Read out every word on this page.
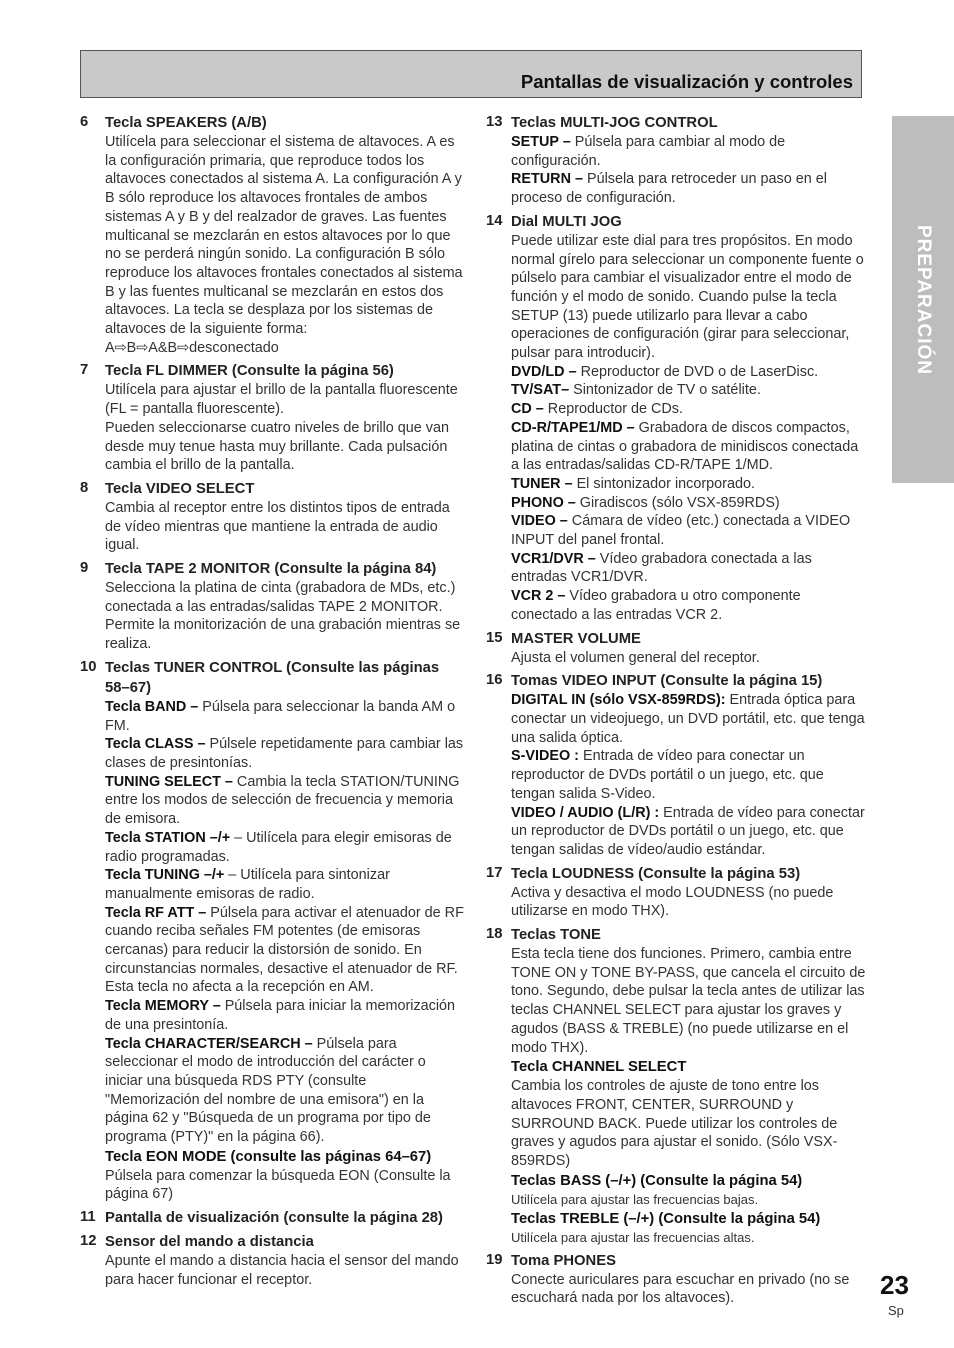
Pantallas de visualización y controles
PREPARACIÓN
6 Tecla SPEAKERS (A/B)

Utilícela para seleccionar el sistema de altavoces. A es la configuración primaria, que reproduce todos los altavoces conectados al sistema A. La configuración A y B sólo reproduce los altavoces frontales de ambos sistemas A y B y del realzador de graves. Las fuentes multicanal se mezclarán en estos altavoces por lo que no se perderá ningún sonido. La configuración B sólo reproduce los altavoces frontales conectados al sistema B y las fuentes multicanal se mezclarán en estos dos altavoces. La tecla se desplaza por los sistemas de altavoces de la siguiente forma:

A⇨B⇨A&B⇨desconectado

7 Tecla FL DIMMER (Consulte la página 56)

Utilícela para ajustar el brillo de la pantalla fluorescente (FL = pantalla fluorescente).

Pueden seleccionarse cuatro niveles de brillo que van desde muy tenue hasta muy brillante. Cada pulsación cambia el brillo de la pantalla.

8 Tecla VIDEO SELECT
Cambia al receptor entre los distintos tipos de entrada de vídeo mientras que mantiene la entrada de audio igual.
9 Tecla TAPE 2 MONITOR (Consulte la página 84)
Selecciona la platina de cinta (grabadora de MDs, etc.) conectada a las entradas/salidas TAPE 2 MONITOR. Permite la monitorización de una grabación mientras se realiza.
10 Teclas TUNER CONTROL (Consulte las páginas 58–67)

Tecla BAND – Púlsela para seleccionar la banda AM o FM.

Tecla CLASS – Púlsele repetidamente para cambiar las clases de presintonías.

TUNING SELECT – Cambia la tecla STATION/TUNING entre los modos de selección de frecuencia y memoria de emisora.

Tecla STATION –/+ – Utilícela para elegir emisoras de radio programadas.

Tecla TUNING –/+ – Utilícela para sintonizar manualmente emisoras de radio.

Tecla RF ATT – Púlsela para activar el atenuador de RF cuando reciba señales FM potentes (de emisoras cercanas) para reducir la distorsión de sonido. En circunstancias normales, desactive el atenuador de RF. Esta tecla no afecta a la recepción en AM.

Tecla MEMORY – Púlsela para iniciar la memorización de una presintonía.

Tecla CHARACTER/SEARCH – Púlsela para seleccionar el modo de introducción del carácter o iniciar una búsqueda RDS PTY (consulte "Memorización del nombre de una emisora") en la página 62 y "Búsqueda de un programa por tipo de programa (PTY)" en la página 66).

Tecla EON MODE (consulte las páginas 64–67)

Púlsela para comenzar la búsqueda EON (Consulte la página 67)

11 Pantalla de visualización (consulte la página 28)
12 Sensor del mando a distancia
Apunte el mando a distancia hacia el sensor del mando para hacer funcionar el receptor.
13 Teclas MULTI-JOG CONTROL

SETUP – Púlsela para cambiar al modo de configuración.

RETURN – Púlsela para retroceder un paso en el proceso de configuración.

14 Dial MULTI JOG

Puede utilizar este dial para tres propósitos. En modo normal gírelo para seleccionar un componente fuente o púlselo para cambiar el visualizador entre el modo de función y el modo de sonido. Cuando pulse la tecla SETUP (13) puede utilizarlo para llevar a cabo operaciones de configuración (girar para seleccionar, pulsar para introducir).

DVD/LD – Reproductor de DVD o de LaserDisc.

TV/SAT– Sintonizador de TV o satélite.

CD – Reproductor de CDs.

CD-R/TAPE1/MD – Grabadora de discos compactos, platina de cintas o grabadora de minidiscos conectada a las entradas/salidas CD-R/TAPE 1/MD.

TUNER – El sintonizador incorporado.

PHONO – Giradiscos (sólo VSX-859RDS)

VIDEO – Cámara de vídeo (etc.) conectada a VIDEO INPUT del panel frontal.

VCR1/DVR – Vídeo grabadora conectada a las entradas VCR1/DVR.

VCR 2 – Vídeo grabadora u otro componente conectado a las entradas VCR 2.

15 MASTER VOLUME
Ajusta el volumen general del receptor.
16 Tomas VIDEO INPUT (Consulte la página 15)

DIGITAL IN (sólo VSX-859RDS): Entrada óptica para conectar un videojuego, un DVD portátil, etc. que tenga una salida óptica.

S-VIDEO : Entrada de vídeo para conectar un reproductor de DVDs portátil o un juego, etc. que tengan salida S-Video.

VIDEO / AUDIO (L/R) : Entrada de vídeo para conectar un reproductor de DVDs portátil o un juego, etc. que tengan salidas de vídeo/audio estándar.

17 Tecla LOUDNESS (Consulte la página 53)
Activa y desactiva el modo LOUDNESS (no puede utilizarse en modo THX).
18 Teclas TONE

Esta tecla tiene dos funciones. Primero, cambia entre TONE ON y TONE BY-PASS, que cancela el circuito de tono. Segundo, debe pulsar la tecla antes de utilizar las teclas CHANNEL SELECT para ajustar los graves y agudos (BASS & TREBLE) (no puede utilizarse en el modo THX).

Tecla CHANNEL SELECT

Cambia los controles de ajuste de tono entre los altavoces FRONT, CENTER, SURROUND y SURROUND BACK. Puede utilizar los controles de graves y agudos para ajustar el sonido. (Sólo VSX-859RDS)

Teclas BASS (–/+) (Consulte la página 54)

Utilícela para ajustar las frecuencias bajas.

Teclas TREBLE (–/+) (Consulte la página 54)

Utilícela para ajustar las frecuencias altas.

19 Toma PHONES
Conecte auriculares para escuchar en privado (no se escuchará nada por los altavoces).	23
Sp
